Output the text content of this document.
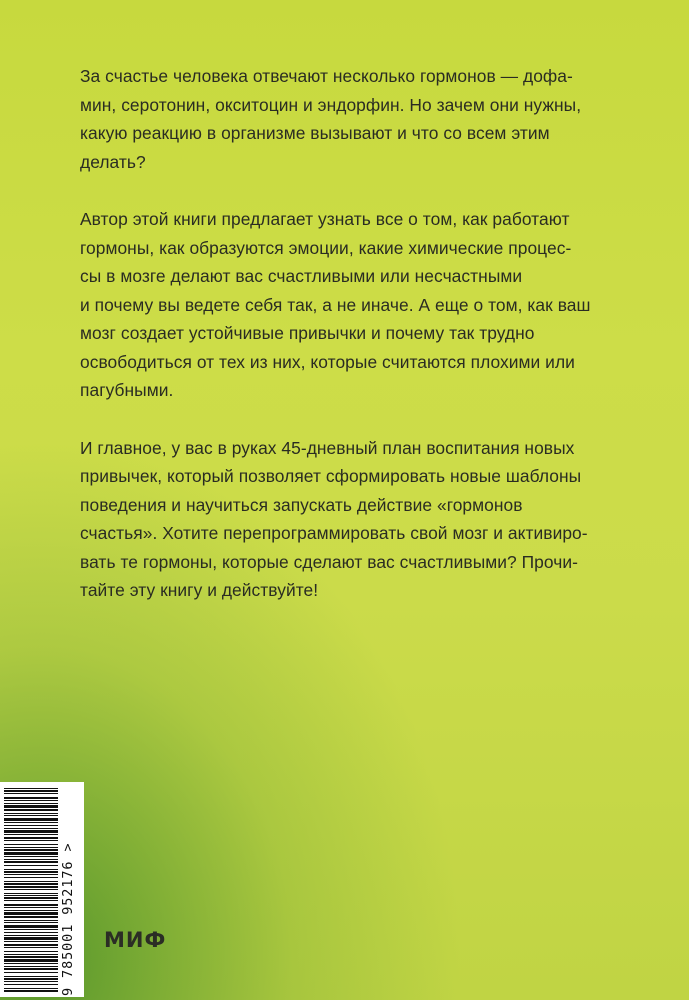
За счастье человека отвечают несколько гормонов — дофа-
мин, серотонин, окситоцин и эндорфин. Но зачем они нужны,
какую реакцию в организме вызывают и что со всем этим
делать?

Автор этой книги предлагает узнать все о том, как работают
гормоны, как образуются эмоции, какие химические процес-
сы в мозге делают вас счастливыми или несчастными
и почему вы ведете себя так, а не иначе. А еще о том, как ваш
мозг создает устойчивые привычки и почему так трудно
освободиться от тех из них, которые считаются плохими или
пагубными.

И главное, у вас в руках 45-дневный план воспитания новых
привычек, который позволяет сформировать новые шаблоны
поведения и научиться запускать действие «гормонов
счастья». Хотите перепрограммировать свой мозг и активиро-
вать те гормоны, которые сделают вас счастливыми? Прочи-
тайте эту книгу и действуйте!

9 785001 952176 > МИФ
